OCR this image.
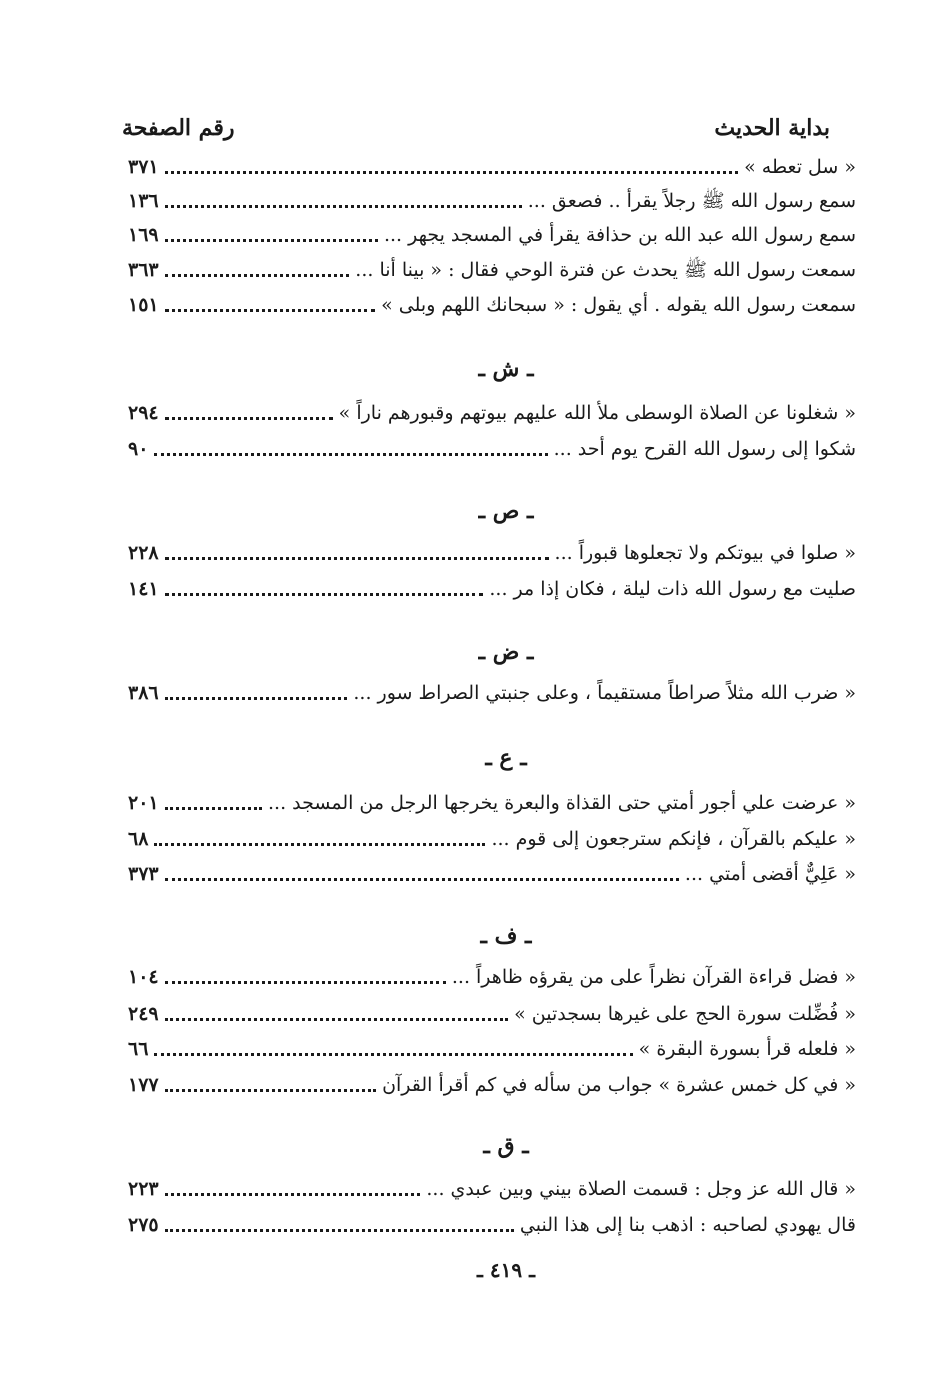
بداية الحديث
رقم الصفحة
« سل تعطه »
٣٧١
سمع رسول الله ﷺ رجلاً يقرأ .. فصعق ...
١٣٦
سمع رسول الله عبد الله بن حذافة يقرأ في المسجد يجهر ...
١٦٩
سمعت رسول الله ﷺ يحدث عن فترة الوحي فقال : « بينا أنا ...
٣٦٣
سمعت رسول الله يقوله . أي يقول : « سبحانك اللهم وبلى »
١٥١
ـ ش ـ
« شغلونا عن الصلاة الوسطى ملأ الله عليهم بيوتهم وقبورهم ناراً »
٢٩٤
شكوا إلى رسول الله القرح يوم أحد ...
٩٠
ـ ص ـ
« صلوا في بيوتكم ولا تجعلوها قبوراً ...
٢٢٨
صليت مع رسول الله ذات ليلة ، فكان إذا مر ...
١٤١
ـ ض ـ
« ضرب الله مثلاً صراطاً مستقيماً ، وعلى جنبتي الصراط سور ...
٣٨٦
ـ ع ـ
« عرضت علي أجور أمتي حتى القذاة والبعرة يخرجها الرجل من المسجد ...
٢٠١
« عليكم بالقرآن ، فإنكم سترجعون إلى قوم ...
٦٨
« عَلِيٌّ أقضى أمتي ...
٣٧٣
ـ ف ـ
« فضل قراءة القرآن نظراً على من يقرؤه ظاهراً ...
١٠٤
« فُضِّلت سورة الحج على غيرها بسجدتين »
٢٤٩
« فلعله قرأ بسورة البقرة »
٦٦
« في كل خمس عشرة » جواب من سأله في كم أقرأ القرآن
١٧٧
ـ ق ـ
« قال الله عز وجل : قسمت الصلاة بيني وبين عبدي ...
٢٢٣
قال يهودي لصاحبه : اذهب بنا إلى هذا النبي
٢٧٥
ـ ٤١٩ ـ
